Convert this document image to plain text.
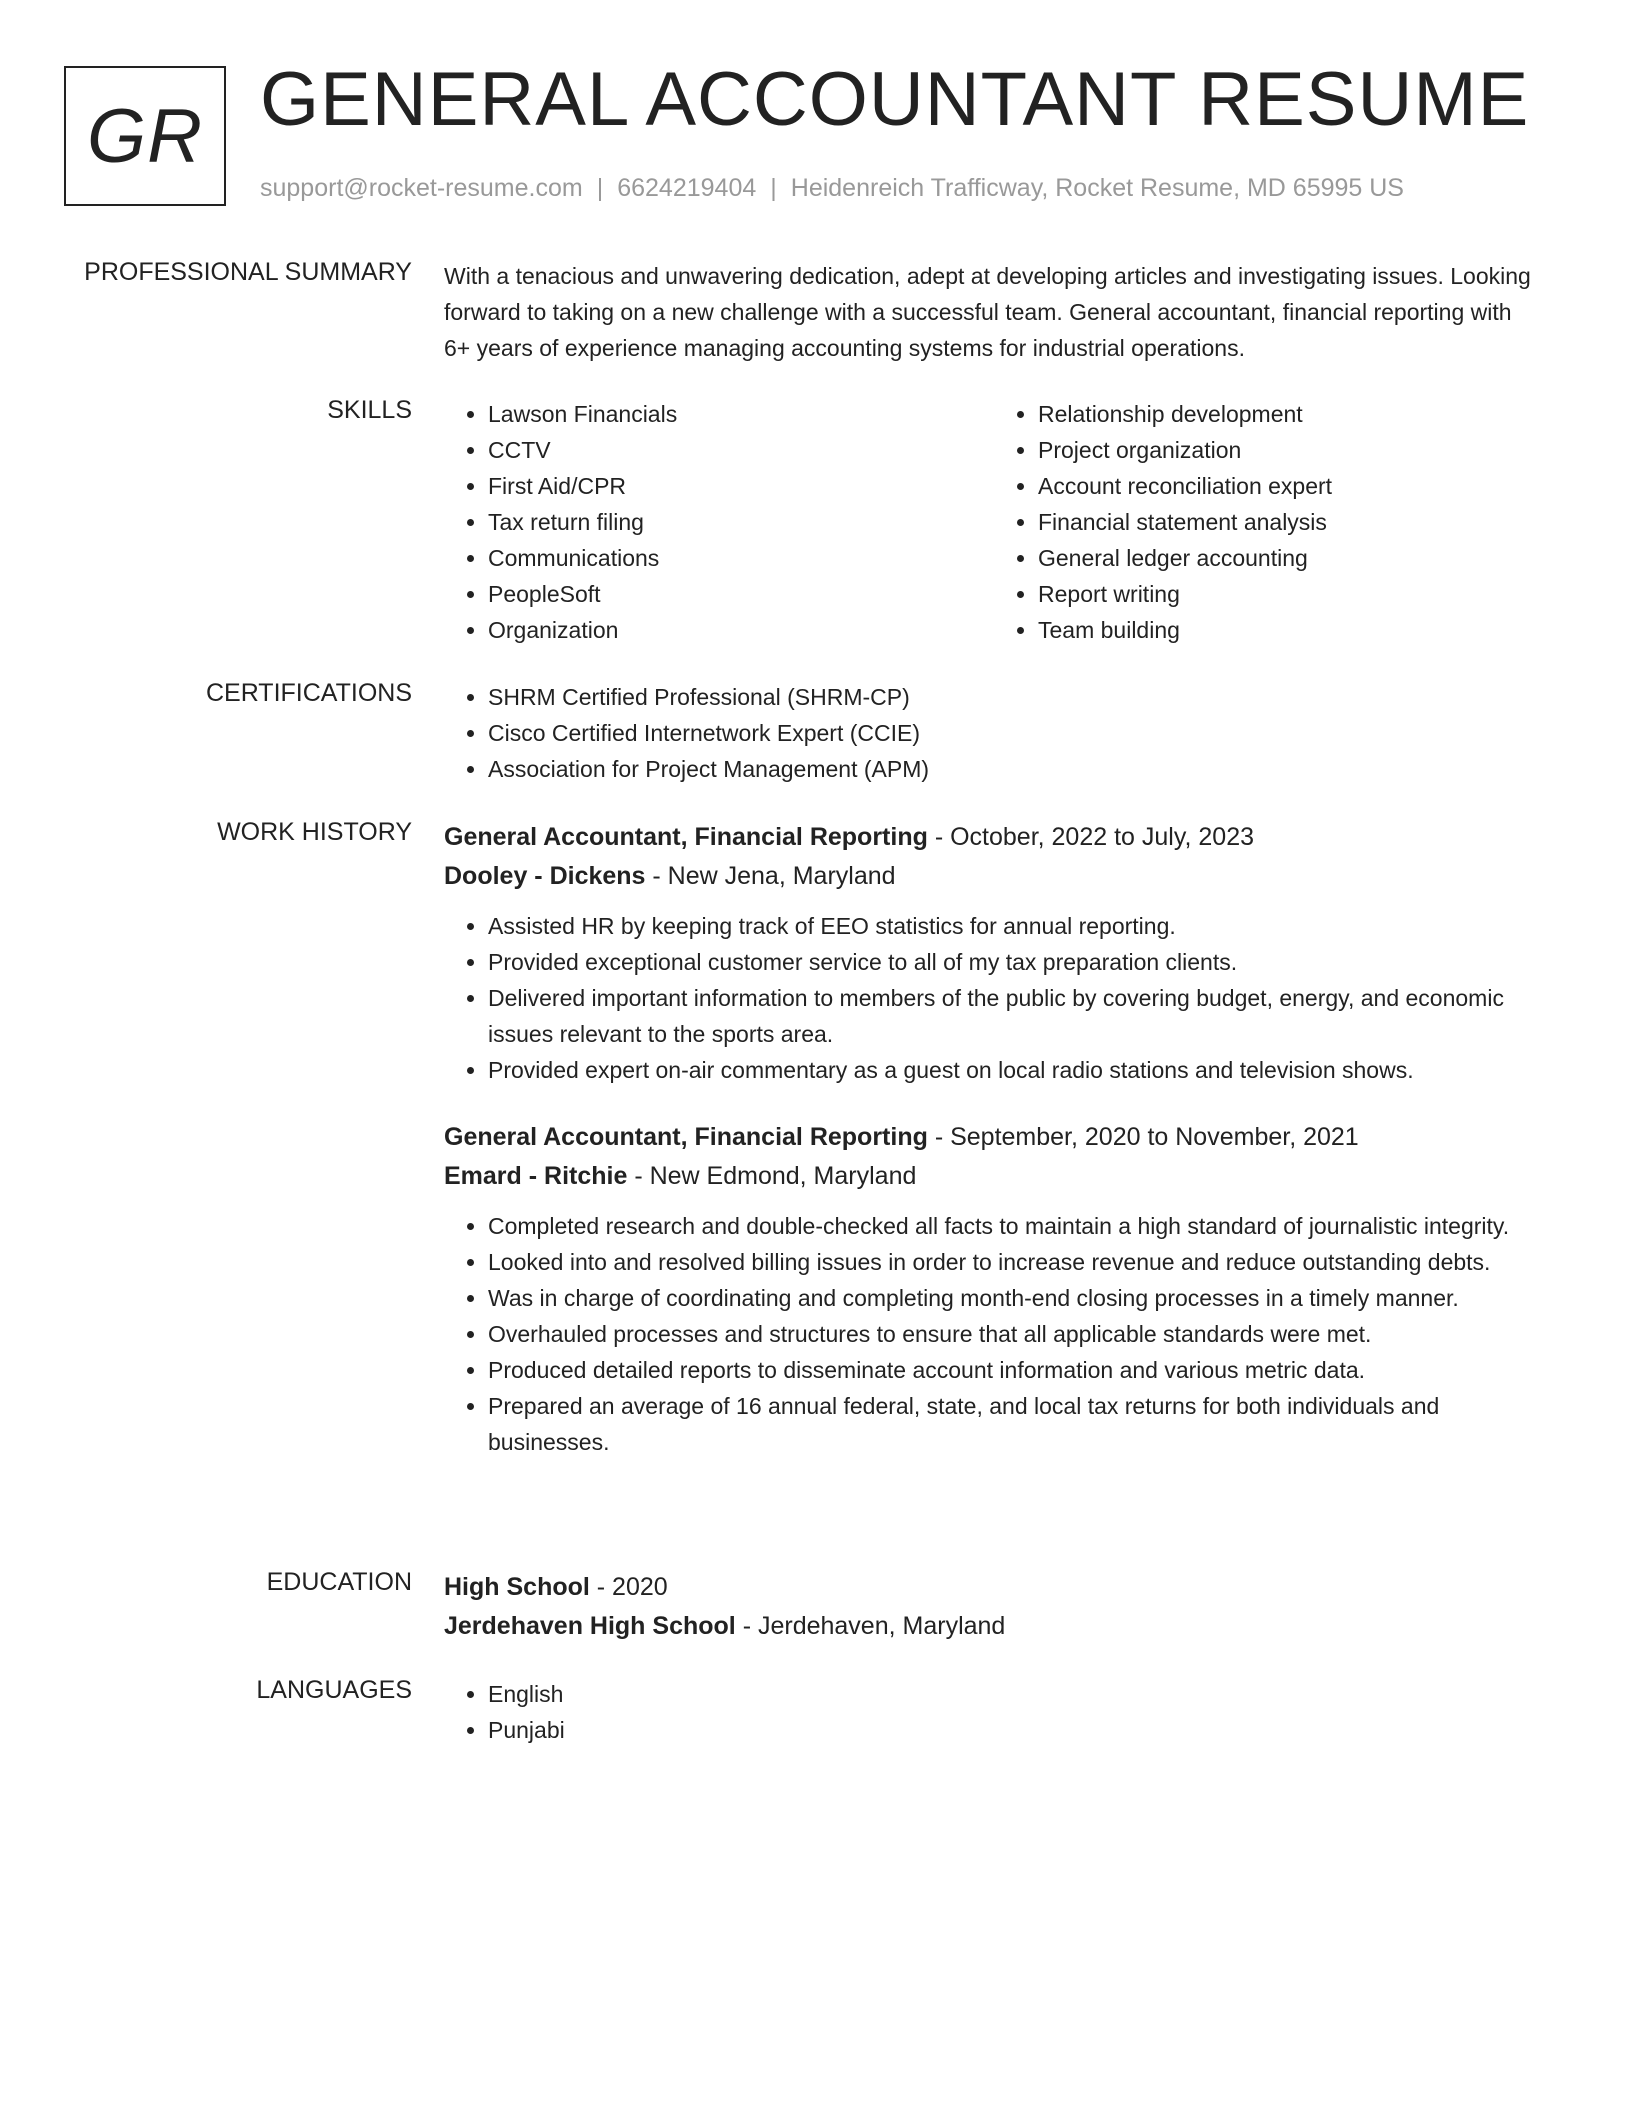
GR GENERAL ACCOUNTANT RESUME
support@rocket-resume.com | 6624219404 | Heidenreich Trafficway, Rocket Resume, MD 65995 US
PROFESSIONAL SUMMARY With a tenacious and unwavering dedication, adept at developing articles and investigating issues. Looking forward to taking on a new challenge with a successful team. General accountant, financial reporting with 6+ years of experience managing accounting systems for industrial operations.

SKILLS	• Lawson Financials
• CCTV
• First Aid/CPR
• Tax return filing
• Communications
• PeopleSoft
• Organization
• Relationship development
• Project organization
• Account reconciliation expert
• Financial statement analysis
• General ledger accounting
• Report writing
• Team building
CERTIFICATIONS	• SHRM Certified Professional (SHRM-CP)
• Cisco Certified Internetwork Expert (CCIE)
• Association for Project Management (APM)
WORK HISTORY General Accountant, Financial Reporting - October, 2022 to July, 2023
Dooley - Dickens - New Jena, Maryland
• Assisted HR by keeping track of EEO statistics for annual reporting.
• Provided exceptional customer service to all of my tax preparation clients.
• Delivered important information to members of the public by covering budget, energy, and economic issues relevant to the sports area.
• Provided expert on-air commentary as a guest on local radio stations and television shows.
General Accountant, Financial Reporting - September, 2020 to November, 2021
Emard - Ritchie - New Edmond, Maryland
• Completed research and double-checked all facts to maintain a high standard of journalistic integrity.
• Looked into and resolved billing issues in order to increase revenue and reduce outstanding debts.
• Was in charge of coordinating and completing month-end closing processes in a timely manner.
• Overhauled processes and structures to ensure that all applicable standards were met.
• Produced detailed reports to disseminate account information and various metric data.
• Prepared an average of 16 annual federal, state, and local tax returns for both individuals and businesses.
EDUCATION High School - 2020
Jerdehaven High School - Jerdehaven, Maryland
LANGUAGES	• English
• Punjabi
